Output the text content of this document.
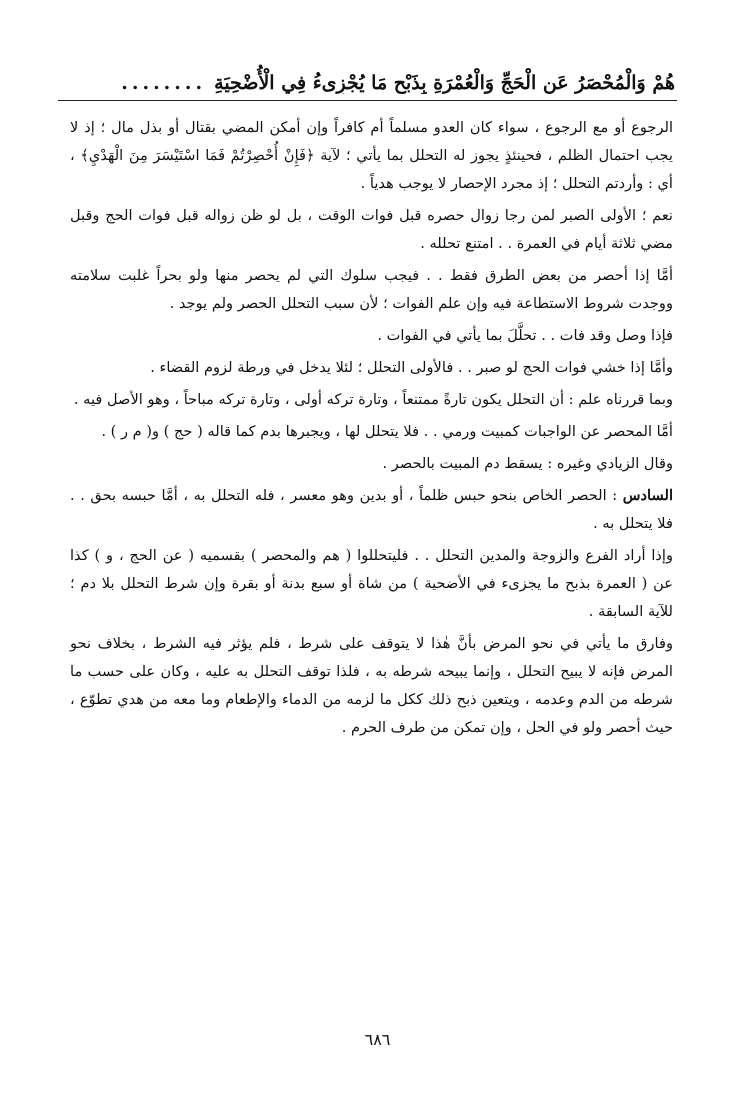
هُمْ وَالْمُحْصَرُ عَنِ الْحَجِّ وَالْعُمْرَةِ بِذَبْحِ مَا يُجْزِىءُ فِي الْأُضْحِيَةِ
........

الرجوع أو مع الرجوع ، سواء كان العدو مسلماً أم كافراً وإن أمكن المضي بقتال أو بذل مال ؛ إذ لا يجب احتمال الظلم ، فحينئذٍ يجوز له التحلل بما يأتي ؛ لآية ﴿فَإِنْ أُحْصِرْتُمْ فَمَا اسْتَيْسَرَ مِنَ الْهَدْيِ﴾ ، أي : وأردتم التحلل ؛ إذ مجرد الإحصار لا يوجب هدياً .

نعم ؛ الأولى الصبر لمن رجا زوال حصره قبل فوات الوقت ، بل لو ظن زواله قبل فوات الحج وقبل مضي ثلاثة أيام في العمرة . . امتنع تحلله .

أمَّا إذا أحصر من بعض الطرق فقط . . فيجب سلوك التي لم يحصر منها ولو بحراً غلبت سلامته ووجدت شروط الاستطاعة فيه وإن علم الفوات ؛ لأن سبب التحلل الحصر ولم يوجد .

فإذا وصل وقد فات . . تحلَّلَ بما يأتي في الفوات .

وأمَّا إذا خشي فوات الحج لو صبر . . فالأولى التحلل ؛ لئلا يدخل في ورطة لزوم القضاء .

وبما قررناه علم : أن التحلل يكون تارةً ممتنعاً ، وتارة تركه أولى ، وتارة تركه مباحاً ، وهو الأصل فيه .

أمَّا المحصر عن الواجبات كمبيت ورمي . . فلا يتحلل لها ، ويجبرها بدم كما قاله ( حج ) و( م ر ) .

وقال الزيادي وغيره : يسقط دم المبيت بالحصر .

السادس : الحصر الخاص بنحو حبس ظلماً ، أو بدين وهو معسر ، فله التحلل به ، أمَّا حبسه بحق . . فلا يتحلل به .

وإذا أراد الفرع والزوجة والمدين التحلل . . فليتحللوا ( هم والمحصر ) بقسميه ( عن الحج ، و ) كذا عن ( العمرة بذبح ما يجزىء في الأضحية ) من شاة أو سبع بدنة أو بقرة وإن شرط التحلل بلا دم ؛ للآية السابقة .

وفارق ما يأتي في نحو المرض بأنَّ هٰذا لا يتوقف على شرط ، فلم يؤثر فيه الشرط ، بخلاف نحو المرض فإنه لا يبيح التحلل ، وإنما يبيحه شرطه به ، فلذا توقف التحلل به عليه ، وكان على حسب ما شرطه من الدم وعدمه ، ويتعين ذبح ذلك ككل ما لزمه من الدماء والإطعام وما معه من هدي تطوّع ، حيث أحصر ولو في الحل ، وإن تمكن من طرف الحرم .

٦٨٦
